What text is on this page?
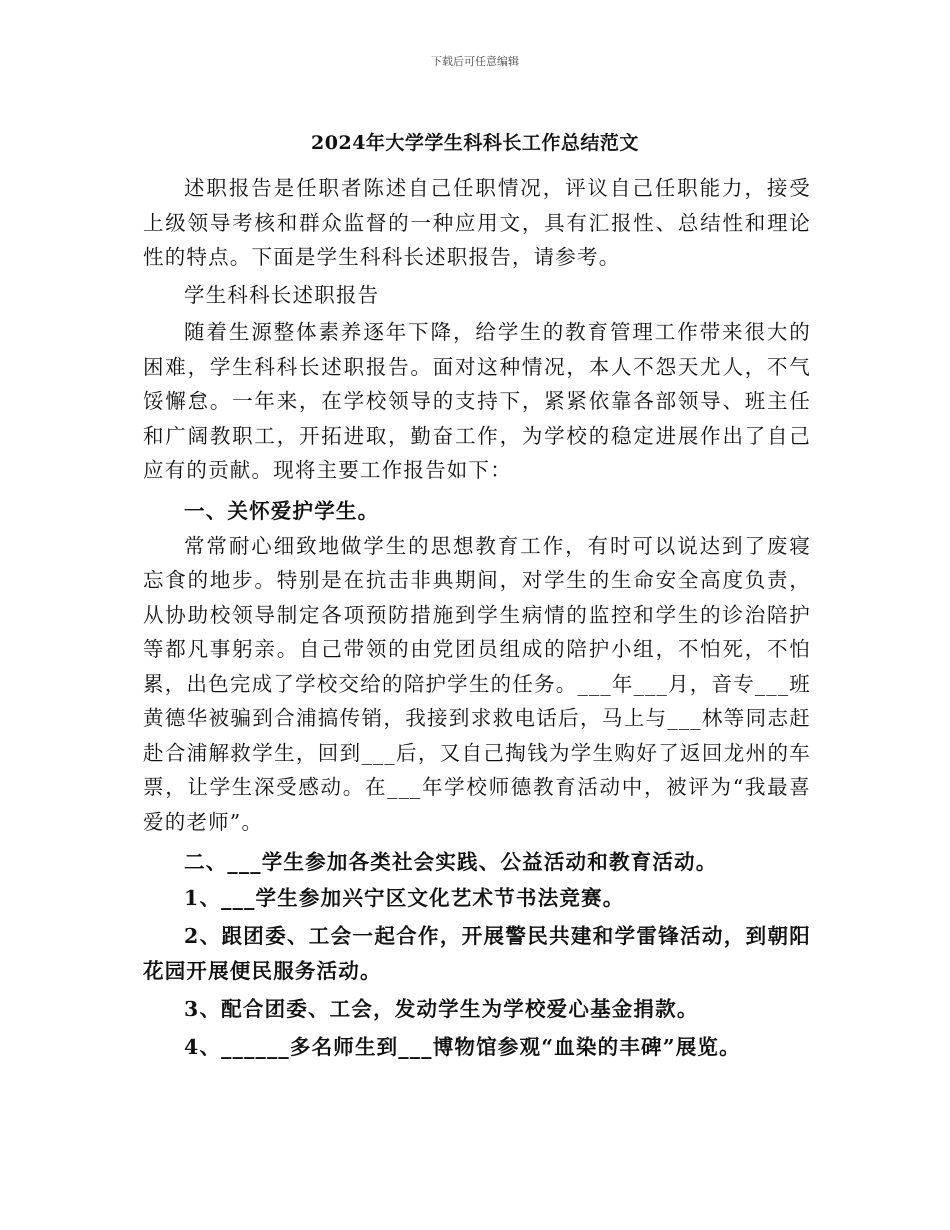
下载后可任意编辑
2024年大学学生科科长工作总结范文

述职报告是任职者陈述自己任职情况，评议自己任职能力，接受上级领导考核和群众监督的一种应用文，具有汇报性、总结性和理论性的特点。下面是学生科科长述职报告，请参考。

学生科科长述职报告

随着生源整体素养逐年下降，给学生的教育管理工作带来很大的困难，学生科科长述职报告。面对这种情况，本人不怨天尤人，不气馁懈怠。一年来，在学校领导的支持下，紧紧依靠各部领导、班主任和广阔教职工，开拓进取，勤奋工作，为学校的稳定进展作出了自己应有的贡献。现将主要工作报告如下：

一、关怀爱护学生。

常常耐心细致地做学生的思想教育工作，有时可以说达到了废寝忘食的地步。特别是在抗击非典期间，对学生的生命安全高度负责，从协助校领导制定各项预防措施到学生病情的监控和学生的诊治陪护等都凡事躬亲。自己带领的由党团员组成的陪护小组，不怕死，不怕累，出色完成了学校交给的陪护学生的任务。___年___月，音专___班黄德华被骗到合浦搞传销，我接到求救电话后，马上与___林等同志赶赴合浦解救学生，回到___后，又自己掏钱为学生购好了返回龙州的车票，让学生深受感动。在___年学校师德教育活动中，被评为“我最喜爱的老师”。

二、___学生参加各类社会实践、公益活动和教育活动。

1、___学生参加兴宁区文化艺术节书法竞赛。

2、跟团委、工会一起合作，开展警民共建和学雷锋活动，到朝阳花园开展便民服务活动。

3、配合团委、工会，发动学生为学校爱心基金捐款。

4、______多名师生到___博物馆参观“血染的丰碑”展览。
